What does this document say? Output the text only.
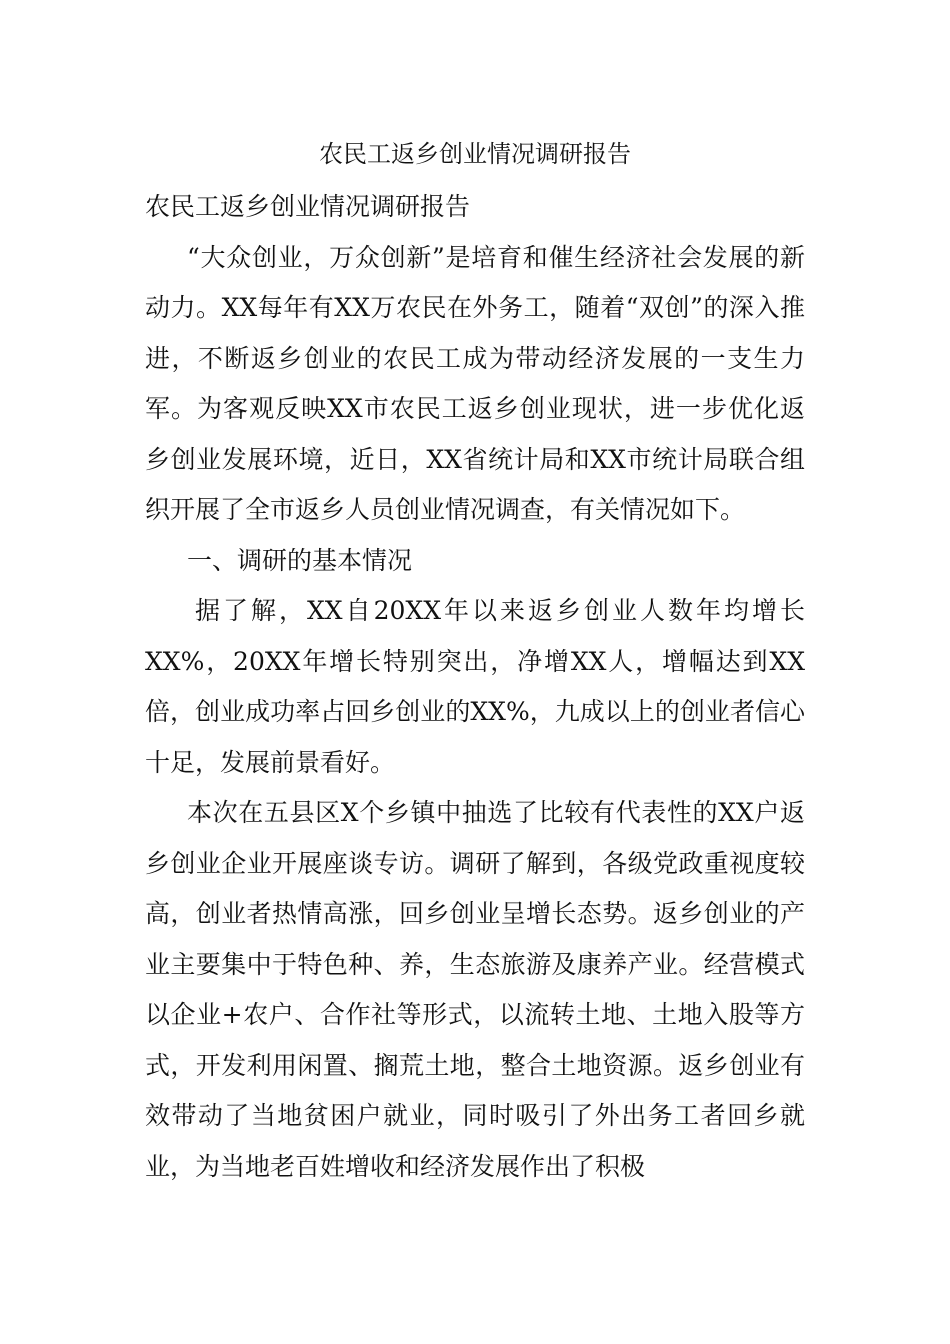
农民工返乡创业情况调研报告

农民工返乡创业情况调研报告

“大众创业，万众创新”是培育和催生经济社会发展的新动力。XX每年有XX万农民在外务工，随着“双创”的深入推进，不断返乡创业的农民工成为带动经济发展的一支生力军。为客观反映XX市农民工返乡创业现状，进一步优化返乡创业发展环境，近日，XX省统计局和XX市统计局联合组织开展了全市返乡人员创业情况调查，有关情况如下。

一、调研的基本情况

据了解，XX自20XX年以来返乡创业人数年均增长XX%，20XX年增长特别突出，净增XX人，增幅达到XX倍，创业成功率占回乡创业的XX%，九成以上的创业者信心十足，发展前景看好。

本次在五县区X个乡镇中抽选了比较有代表性的XX户返乡创业企业开展座谈专访。调研了解到，各级党政重视度较高，创业者热情高涨，回乡创业呈增长态势。返乡创业的产业主要集中于特色种、养，生态旅游及康养产业。经营模式以企业+农户、合作社等形式，以流转土地、土地入股等方式，开发利用闲置、搁荒土地，整合土地资源。返乡创业有效带动了当地贫困户就业，同时吸引了外出务工者回乡就业，为当地老百姓增收和经济发展作出了积极
